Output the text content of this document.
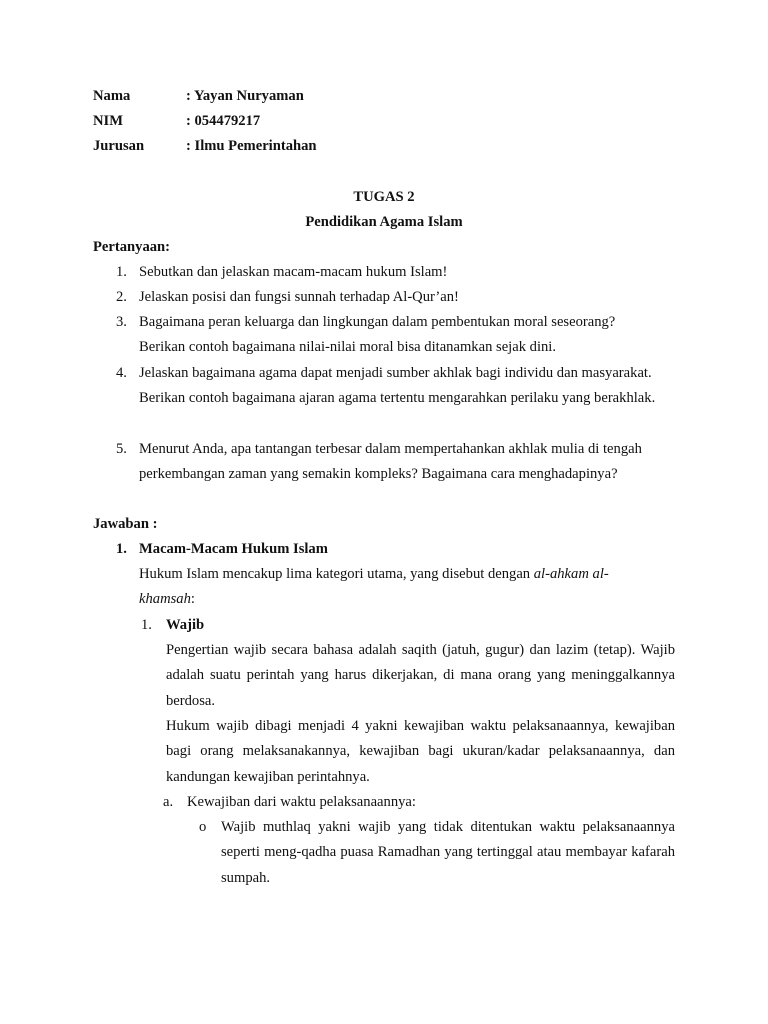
Nama	: Yayan Nuryaman
NIM	: 054479217
Jurusan	: Ilmu Pemerintahan
TUGAS 2
Pendidikan Agama Islam
Pertanyaan:
1. Sebutkan dan jelaskan macam-macam hukum Islam!
2. Jelaskan posisi dan fungsi sunnah terhadap Al-Qur’an!
3. Bagaimana peran keluarga dan lingkungan dalam pembentukan moral seseorang? Berikan contoh bagaimana nilai-nilai moral bisa ditanamkan sejak dini.
4. Jelaskan bagaimana agama dapat menjadi sumber akhlak bagi individu dan masyarakat. Berikan contoh bagaimana ajaran agama tertentu mengarahkan perilaku yang berakhlak.
5. Menurut Anda, apa tantangan terbesar dalam mempertahankan akhlak mulia di tengah perkembangan zaman yang semakin kompleks? Bagaimana cara menghadapinya?
Jawaban :
1. Macam-Macam Hukum Islam
Hukum Islam mencakup lima kategori utama, yang disebut dengan al-ahkam al-khamsah:
1. Wajib
Pengertian wajib secara bahasa adalah saqith (jatuh, gugur) dan lazim (tetap). Wajib adalah suatu perintah yang harus dikerjakan, di mana orang yang meninggalkannya berdosa.
Hukum wajib dibagi menjadi 4 yakni kewajiban waktu pelaksanaannya, kewajiban bagi orang melaksanakannya, kewajiban bagi ukuran/kadar pelaksanaannya, dan kandungan kewajiban perintahnya.
a. Kewajiban dari waktu pelaksanaannya:
o Wajib muthlaq yakni wajib yang tidak ditentukan waktu pelaksanaannya seperti meng-qadha puasa Ramadhan yang tertinggal atau membayar kafarah sumpah.
